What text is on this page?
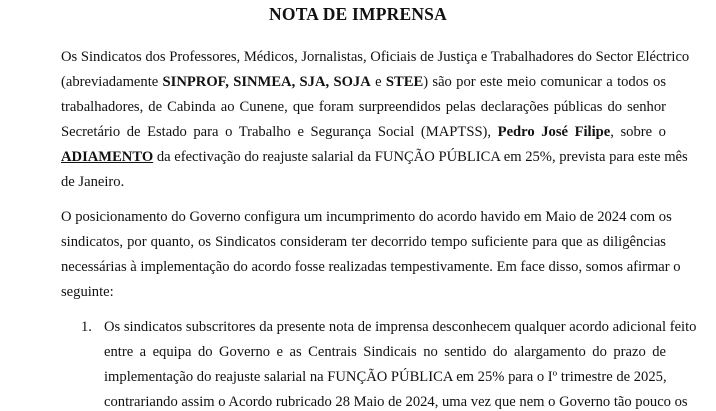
NOTA DE IMPRENSA
Os Sindicatos dos Professores, Médicos, Jornalistas, Oficiais de Justiça e Trabalhadores do Sector Eléctrico
(abreviadamente SINPROF, SINMEA, SJA, SOJA e STEE) são por este meio comunicar a todos os
trabalhadores, de Cabinda ao Cunene, que foram surpreendidos pelas declarações públicas do senhor
Secretário de Estado para o Trabalho e Segurança Social (MAPTSS), Pedro José Filipe, sobre o
ADIAMENTO da efectivação do reajuste salarial da FUNÇÃO PÚBLICA em 25%, prevista para este mês
de Janeiro.
O posicionamento do Governo configura um incumprimento do acordo havido em Maio de 2024 com os
sindicatos, por quanto, os Sindicatos consideram ter decorrido tempo suficiente para que as diligências
necessárias à implementação do acordo fosse realizadas tempestivamente. Em face disso, somos afirmar o
seguinte:
1. Os sindicatos subscritores da presente nota de imprensa desconhecem qualquer acordo adicional feito
entre a equipa do Governo e as Centrais Sindicais no sentido do alargamento do prazo de
implementação do reajuste salarial na FUNÇÃO PÚBLICA em 25% para o Iº trimestre de 2025,
contrariando assim o Acordo rubricado 28 Maio de 2024, uma vez que nem o Governo tão pouco os
